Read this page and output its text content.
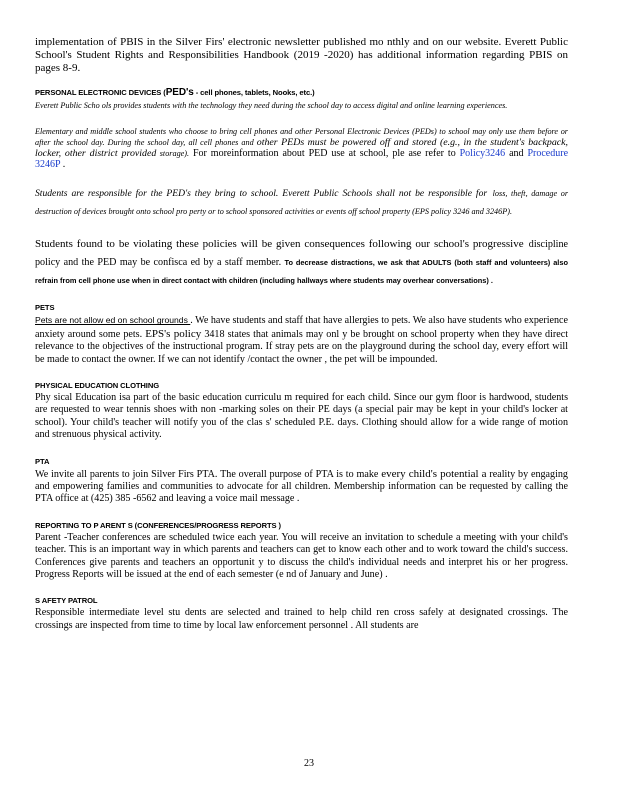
implementation of PBIS in the Silver Firs' electronic newsletter published mo nthly and on our website. Everett Public School's Student Rights and Responsibilities Handbook (2019 -2020) has additional information regarding PBIS on pages 8-9.

PERSONAL ELECTRONIC DEVICES (PED's - cell phones, tablets, Nooks, etc.)

Everett Public Scho ols provides students with the technology they need during the school day to access digital and online learning experiences.

Elementary and middle school students who choose to bring cell phones and other Personal Electronic Devices (PEDs) to school may only use them before or after the school day. During the school day, all cell phones and other PEDs must be powered off and stored (e.g., in the student's backpack, locker, other district provided storage). For moreinformation about PED use at school, ple ase refer to Policy3246 and Procedure 3246P .

Students are responsible for the PED's they bring to school. Everett Public Schools shall not be responsible for loss, theft, damage or destruction of devices brought onto school pro perty or to school sponsored activities or events off school property (EPS policy 3246 and 3246P).

Students found to be violating these policies will be given consequences following our school's progressive discipline policy and the PED may be confisca ed by a staff member. To decrease distractions, we ask that ADULTS (both staff and volunteers) also refrain from cell phone use when in direct contact with children (including hallways where students may overhear conversations) .

PETS

Pets are not allow ed on school grounds . We have students and staff that have allergies to pets. We also have students who experience anxiety around some pets. EPS's policy 3418 states that animals may onl y be brought on school property when they have direct relevance to the objectives of the instructional program. If stray pets are on the playground during the school day, every effort will be made to contact the owner. If we can not identify /contact the owner , the pet will be impounded.

PHYSICAL EDUCATION CLOTHING

Phy sical Education isa part of the basic education curriculu m required for each child. Since our gym floor is hardwood, students are requested to wear tennis shoes with non -marking soles on their PE days (a special pair may be kept in your child's locker at school). Your child's teacher will notify you of the clas s' scheduled P.E. days. Clothing should allow for a wide range of motion and strenuous physical activity.

PTA

We invite all parents to join Silver Firs PTA. The overall purpose of PTA is to make every child's potential a reality by engaging and empowering families and communities to advocate for all children. Membership information can be requested by calling the PTA office at (425) 385 -6562 and leaving a voice mail message .

REPORTING TO P ARENT S (CONFERENCES/PROGRESS REPORTS )

Parent -Teacher conferences are scheduled twice each year. You will receive an invitation to schedule a meeting with your child's teacher. This is an important way in which parents and teachers can get to know each other and to work toward the child's success. Conferences give parents and teachers an opportunit y to discuss the child's individual needs and interpret his or her progress. Progress Reports will be issued at the end of each semester (e nd of January and June) .

S AFETY PATROL

Responsible intermediate level stu dents are selected and trained to help child ren cross safely at designated crossings. The crossings are inspected from time to time by local law enforcement personnel . All students are

23
